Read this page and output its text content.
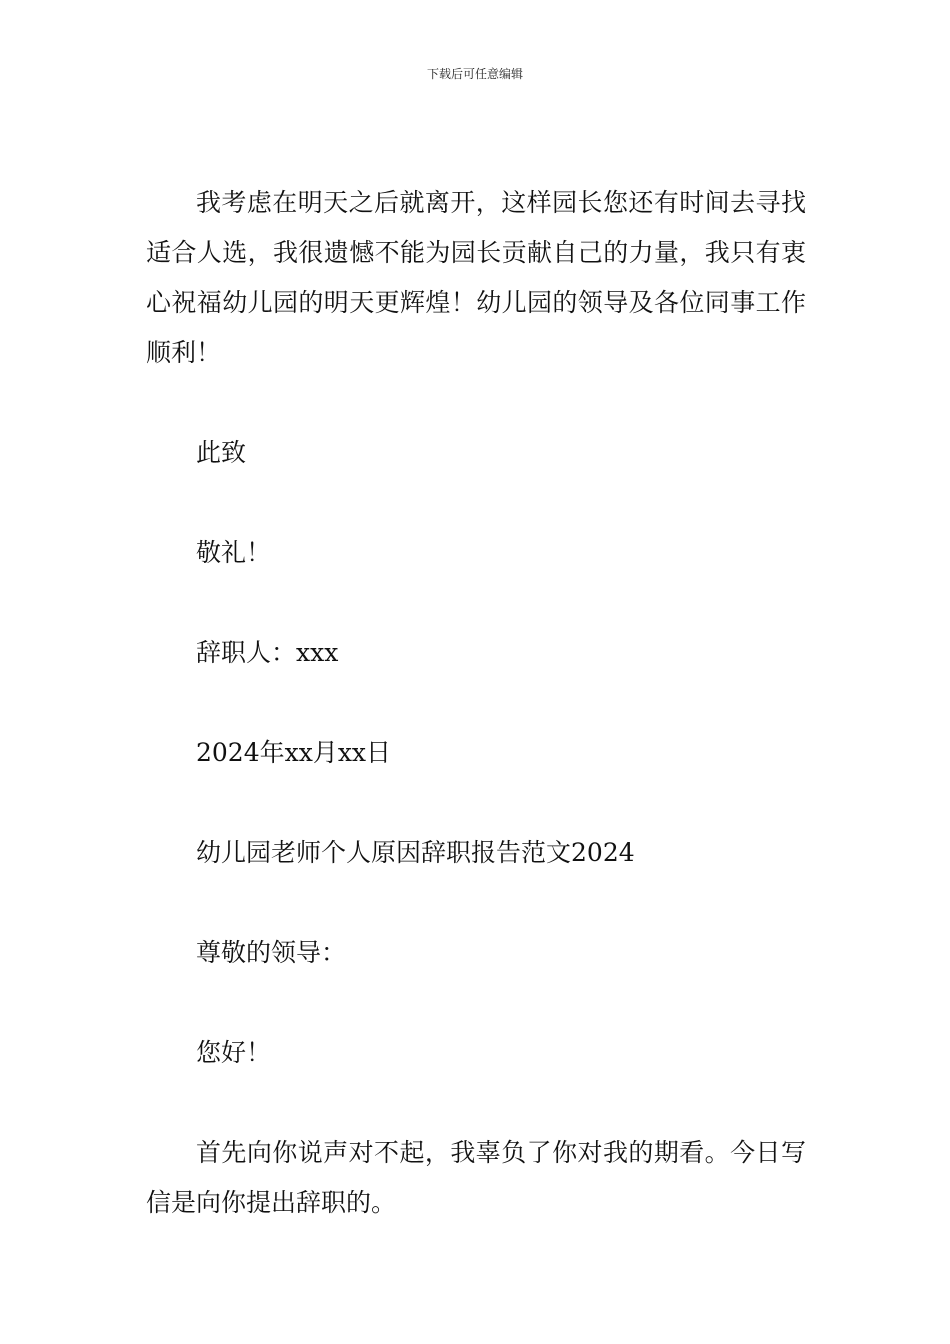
下载后可任意编辑

我考虑在明天之后就离开，这样园长您还有时间去寻找适合人选，我很遗憾不能为园长贡献自己的力量，我只有衷心祝福幼儿园的明天更辉煌！幼儿园的领导及各位同事工作顺利！

此致

敬礼！

辞职人：xxx

2024年xx月xx日

幼儿园老师个人原因辞职报告范文2024

尊敬的领导：

您好！

首先向你说声对不起，我辜负了你对我的期看。今日写信是向你提出辞职的。
